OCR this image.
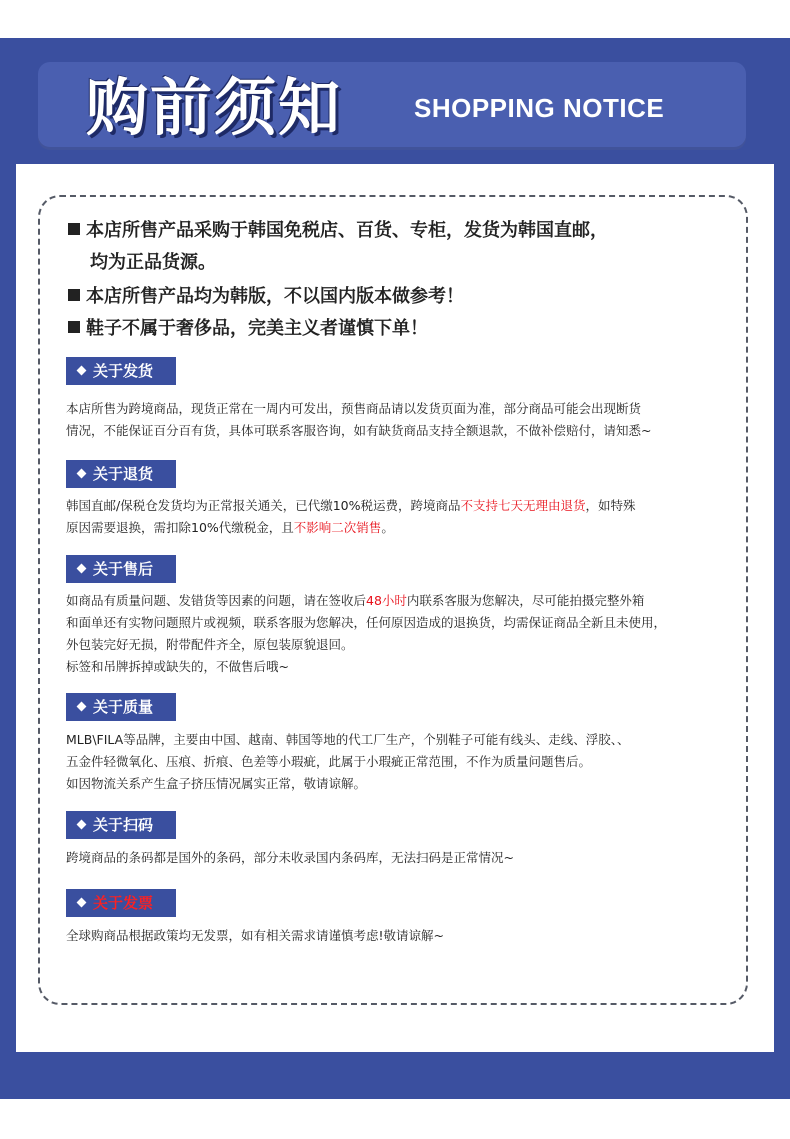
购前须知	SHOPPING NOTICE
本店所售产品采购于韩国免税店、百货、专柜，发货为韩国直邮，
均为正品货源。
本店所售产品均为韩版，不以国内版本做参考！
鞋子不属于奢侈品，完美主义者谨慎下单！
关于发货
本店所售为跨境商品，现货正常在一周内可发出，预售商品请以发货页面为准，部分商品可能会出现断货
情况，不能保证百分百有货，具体可联系客服咨询，如有缺货商品支持全额退款，不做补偿赔付，请知悉~
关于退货
韩国直邮/保税仓发货均为正常报关通关，已代缴10%税运费，跨境商品不支持七天无理由退货，如特殊
原因需要退换，需扣除10%代缴税金，且不影响二次销售。
关于售后
如商品有质量问题、发错货等因素的问题，请在签收后48小时内联系客服为您解决，尽可能拍摄完整外箱
和面单还有实物问题照片或视频，联系客服为您解决，任何原因造成的退换货，均需保证商品全新且未使用，
外包装完好无损，附带配件齐全，原包装原貌退回。
标签和吊牌拆掉或缺失的，不做售后哦~
关于质量
MLB\FILA等品牌，主要由中国、越南、韩国等地的代工厂生产，个别鞋子可能有线头、走线、浮胶、、
五金件轻微氧化、压痕、折痕、色差等小瑕疵，此属于小瑕疵正常范围，不作为质量问题售后。
如因物流关系产生盒子挤压情况属实正常，敬请谅解。
关于扫码
跨境商品的条码都是国外的条码，部分未收录国内条码库，无法扫码是正常情况~
关于发票
全球购商品根据政策均无发票，如有相关需求请谨慎考虑!敬请谅解~
